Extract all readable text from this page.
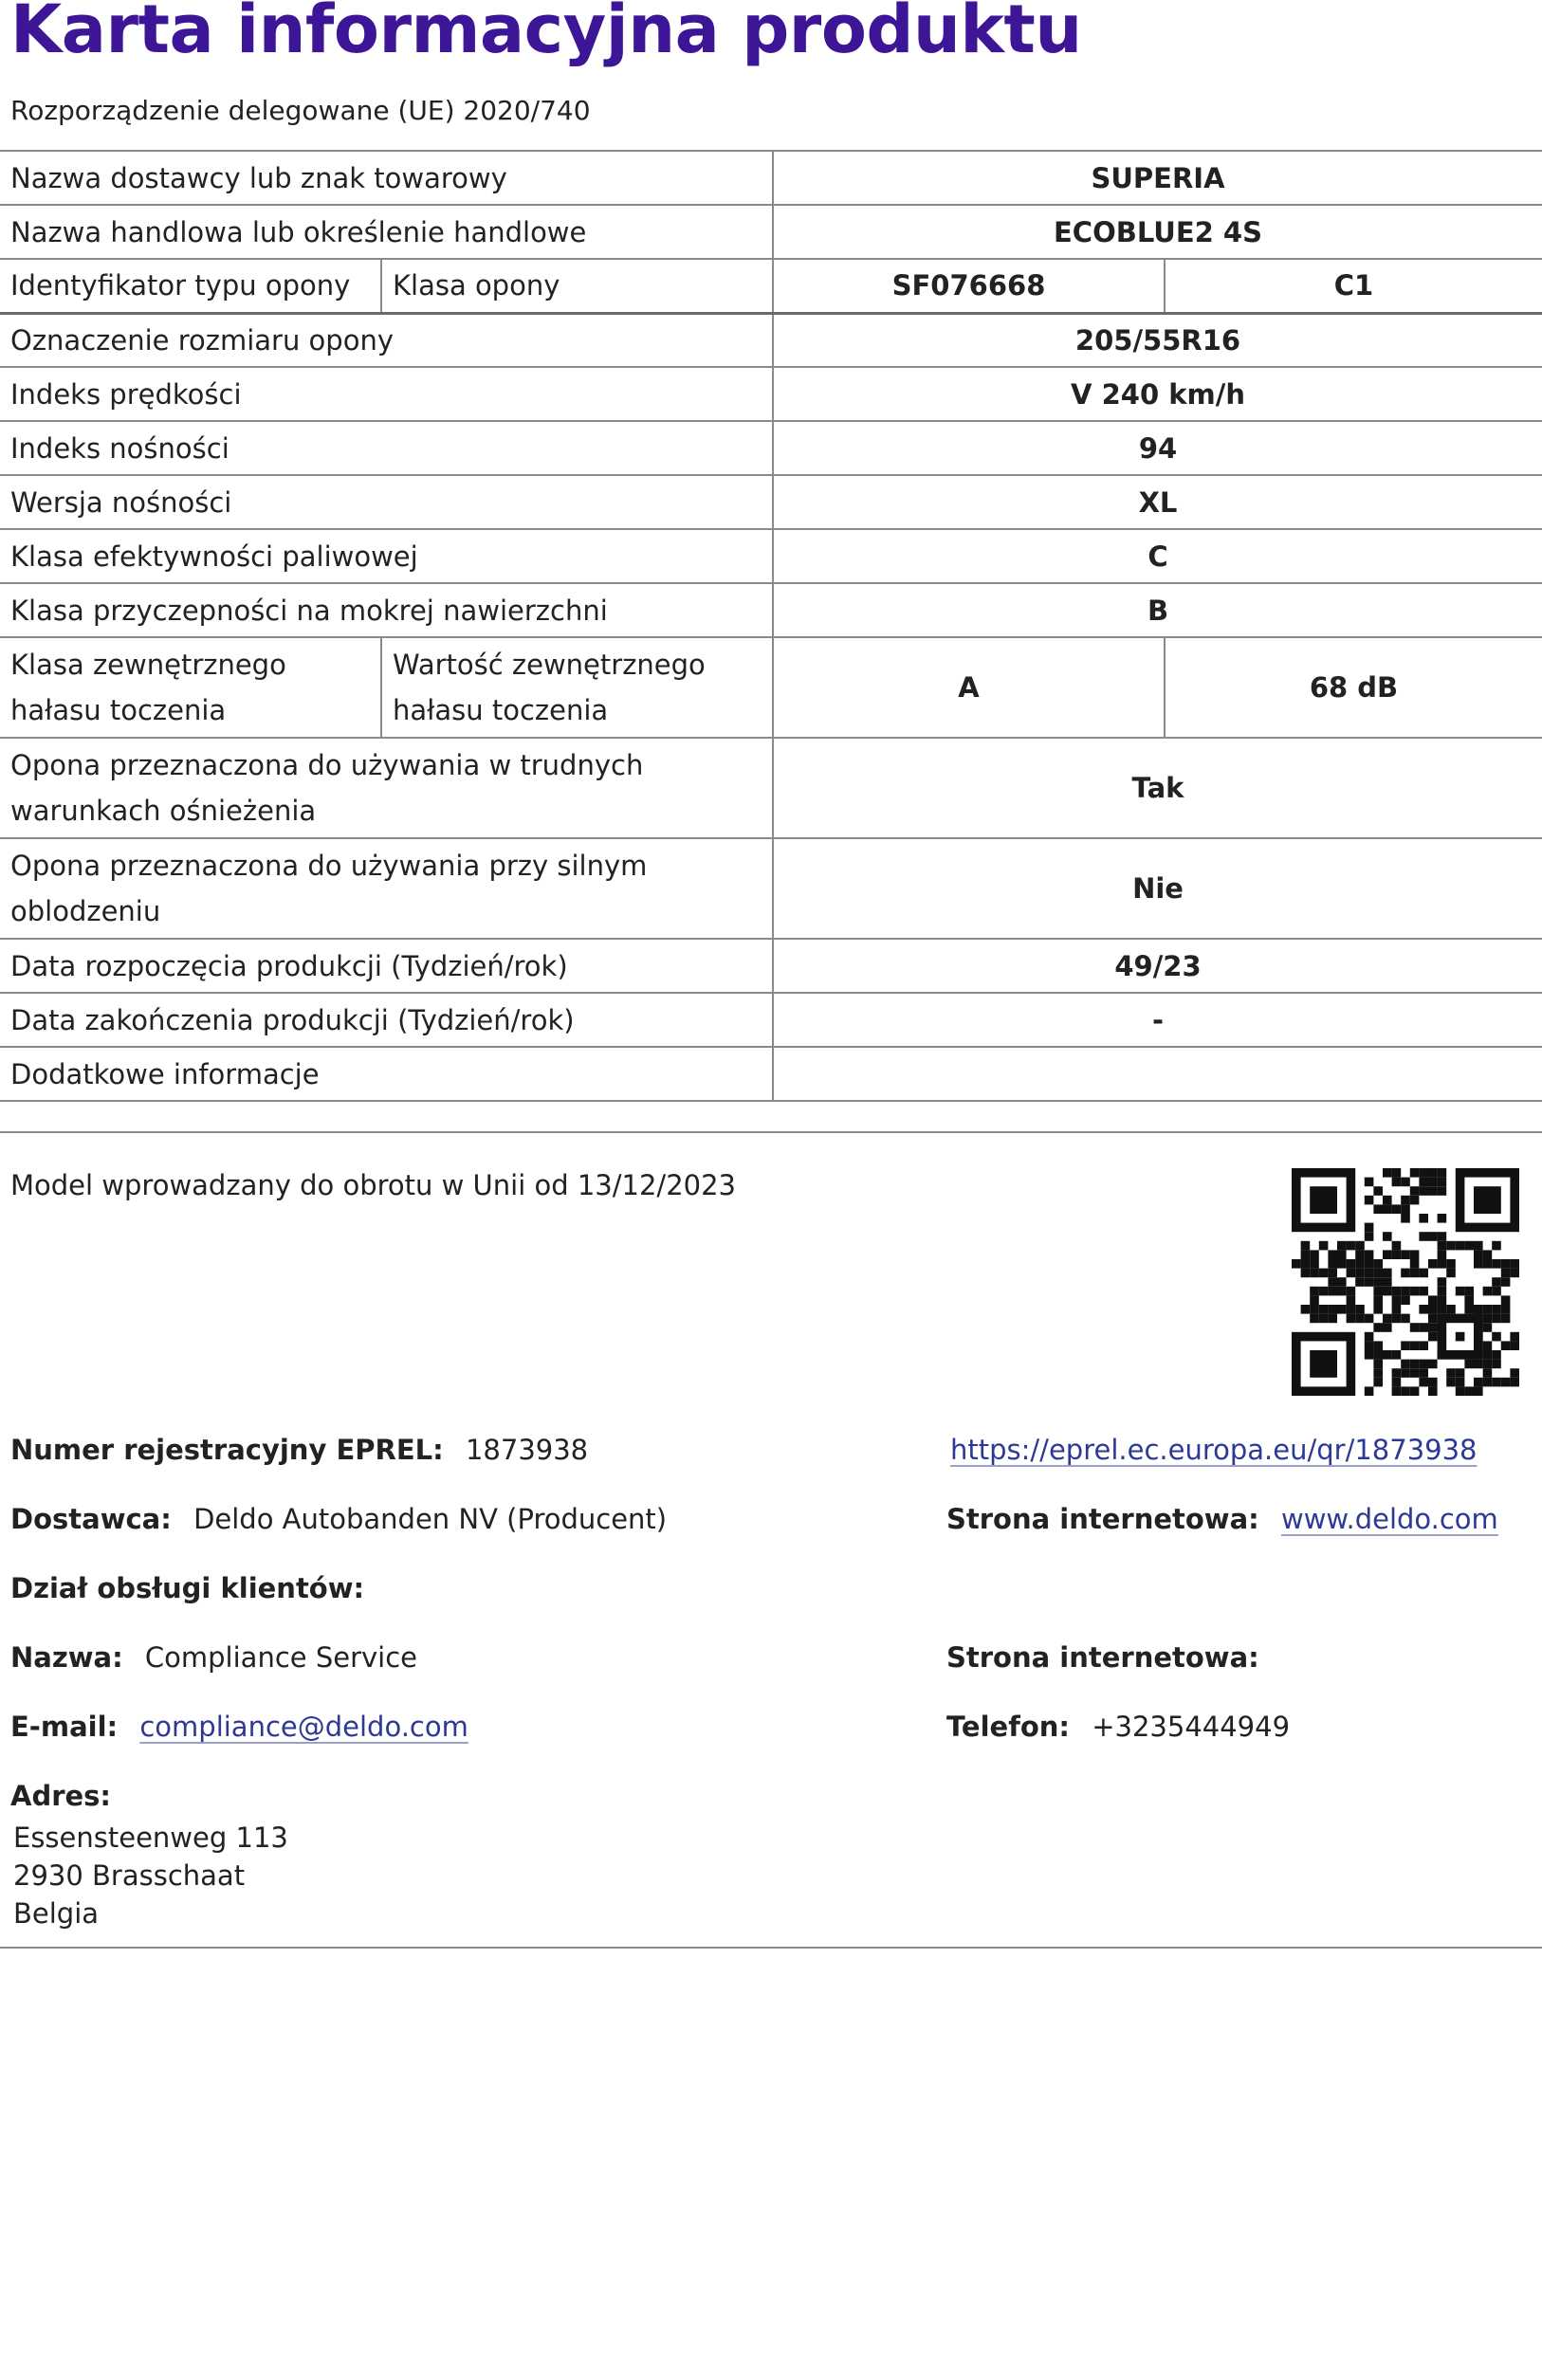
Karta informacyjna produktu
Rozporządzenie delegowane (UE) 2020/740
Nazwa dostawcy lub znak towarowy		SUPERIA	
Nazwa handlowa lub określenie handlowe		ECOBLUE2 4S	
Identyfikator typu opony	Klasa opony	SF076668	C1
Oznaczenie rozmiaru opony		205/55R16	
Indeks prędkości		V 240 km/h	
Indeks nośności		94	
Wersja nośności		XL	
Klasa efektywności paliwowej		C	
Klasa przyczepności na mokrej nawierzchni		B	
Klasa zewnętrznego hałasu toczenia	Wartość zewnętrznego hałasu toczenia	A	68 dB
Opona przeznaczona do używania w trudnych warunkach ośnieżenia		Tak	
Opona przeznaczona do używania przy silnym oblodzeniu		Nie	
Data rozpoczęcia produkcji (Tydzień/rok)		49/23	
Data zakończenia produkcji (Tydzień/rok)		-	
Dodatkowe informacje			
Model wprowadzany do obrotu w Unii od 13/12/2023
Numer rejestracyjny EPREL: 1873938	https://eprel.ec.europa.eu/qr/1873938
Dostawca: Deldo Autobanden NV (Producent)	Strona internetowa: www.deldo.com
Dział obsługi klientów:
Nazwa: Compliance Service	Strona internetowa:
E-mail: compliance@deldo.com	Telefon: +3235444949
Adres:
Essensteenweg 113
2930 Brasschaat
Belgia
